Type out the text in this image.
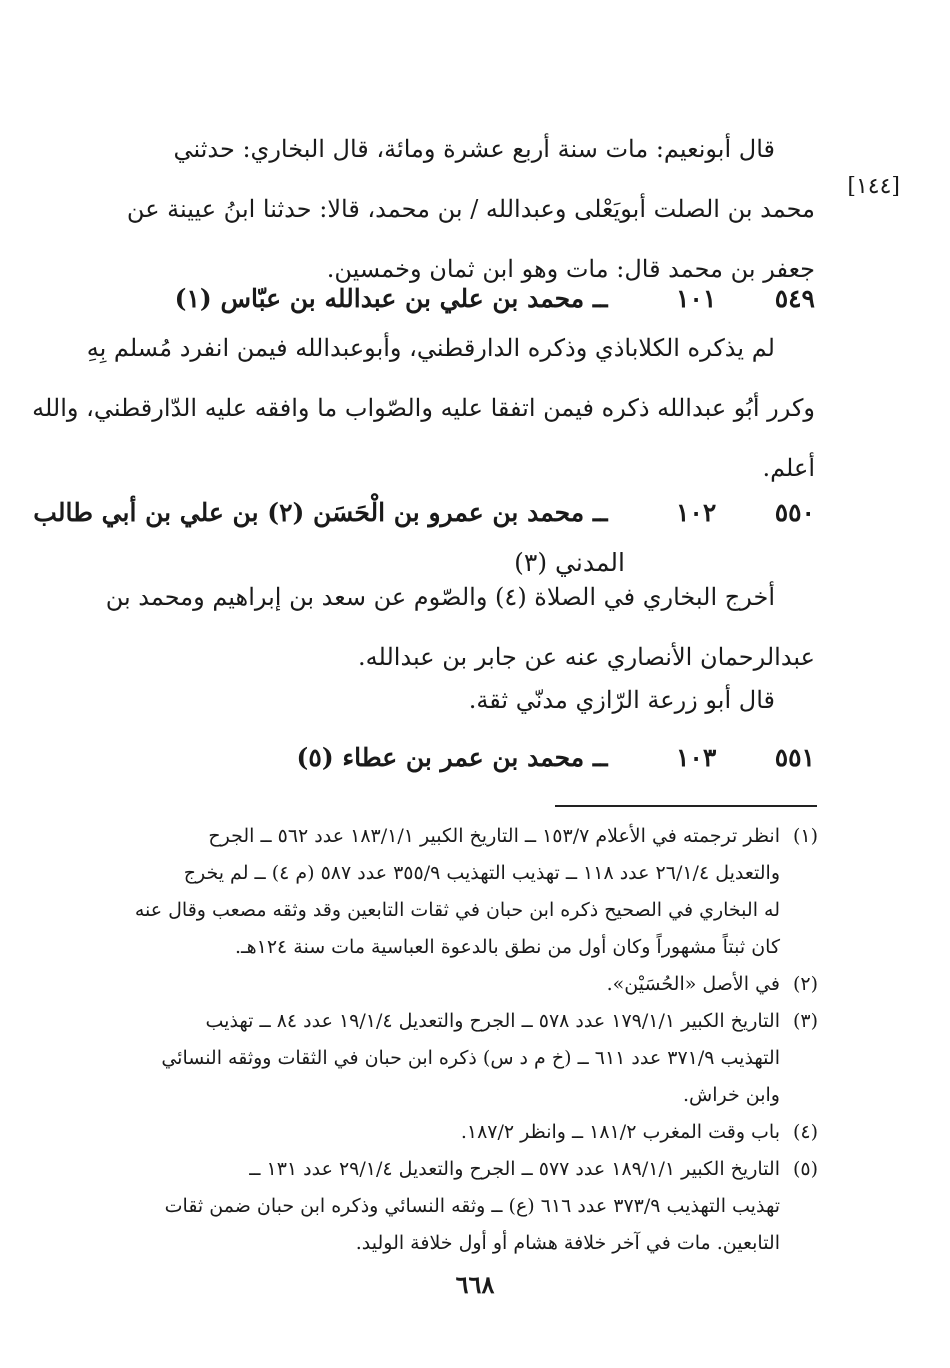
[١٤٤]
قال أبونعيم: مات سنة أربع عشرة ومائة، قال البخاري: حدثني
محمد بن الصلت أبويَعْلى وعبدالله / بن محمد، قالا: حدثنا ابنُ عيينة عن
جعفر بن محمد قال: مات وهو ابن ثمان وخمسين.
٥٤٩ ١٠١ ــ محمد بن علي بن عبدالله بن عبّاس (١)
لم يذكره الكلاباذي وذكره الدارقطني، وأبوعبدالله فيمن انفرد مُسلم بِهِ
وكرر أبُو عبدالله ذكره فيمن اتفقا عليه والصّواب ما وافقه عليه الدّارقطني، والله
أعلم.
٥٥٠ ١٠٢ ــ محمد بن عمرو بن الْحَسَن (٢) بن علي بن أبي طالب
المدني (٣)
أخرج البخاري في الصلاة (٤) والصّوم عن سعد بن إبراهيم ومحمد بن
عبدالرحمان الأنصاري عنه عن جابر بن عبدالله.
قال أبو زرعة الرّازي مدنّي ثقة.
٥٥١ ١٠٣ ــ محمد بن عمر بن عطاء (٥)
(١)انظر ترجمته في الأعلام ١٥٣/٧ ــ التاريخ الكبير ١٨٣/١/١ عدد ٥٦٢ ــ الجرح
والتعديل ٢٦/١/٤ عدد ١١٨ ــ تهذيب التهذيب ٣٥٥/٩ عدد ٥٨٧ (م ٤) ــ لم يخرج
له البخاري في الصحيح ذكره ابن حبان في ثقات التابعين وقد وثقه مصعب وقال عنه
كان ثبتاً مشهوراً وكان أول من نطق بالدعوة العباسية مات سنة ١٢٤هـ.
(٢)في الأصل «الحُسَيْن».
(٣)التاريخ الكبير ١٧٩/١/١ عدد ٥٧٨ ــ الجرح والتعديل ١٩/١/٤ عدد ٨٤ ــ تهذيب
التهذيب ٣٧١/٩ عدد ٦١١ ــ (خ م د س) ذكره ابن حبان في الثقات ووثقه النسائي
وابن خراش.
(٤)باب وقت المغرب ١٨١/٢ ــ وانظر ١٨٧/٢.
(٥)التاريخ الكبير ١٨٩/١/١ عدد ٥٧٧ ــ الجرح والتعديل ٢٩/١/٤ عدد ١٣١ ــ
تهذيب التهذيب ٣٧٣/٩ عدد ٦١٦ (ع) ــ وثقه النسائي وذكره ابن حبان ضمن ثقات
التابعين. مات في آخر خلافة هشام أو أول خلافة الوليد.
٦٦٨
